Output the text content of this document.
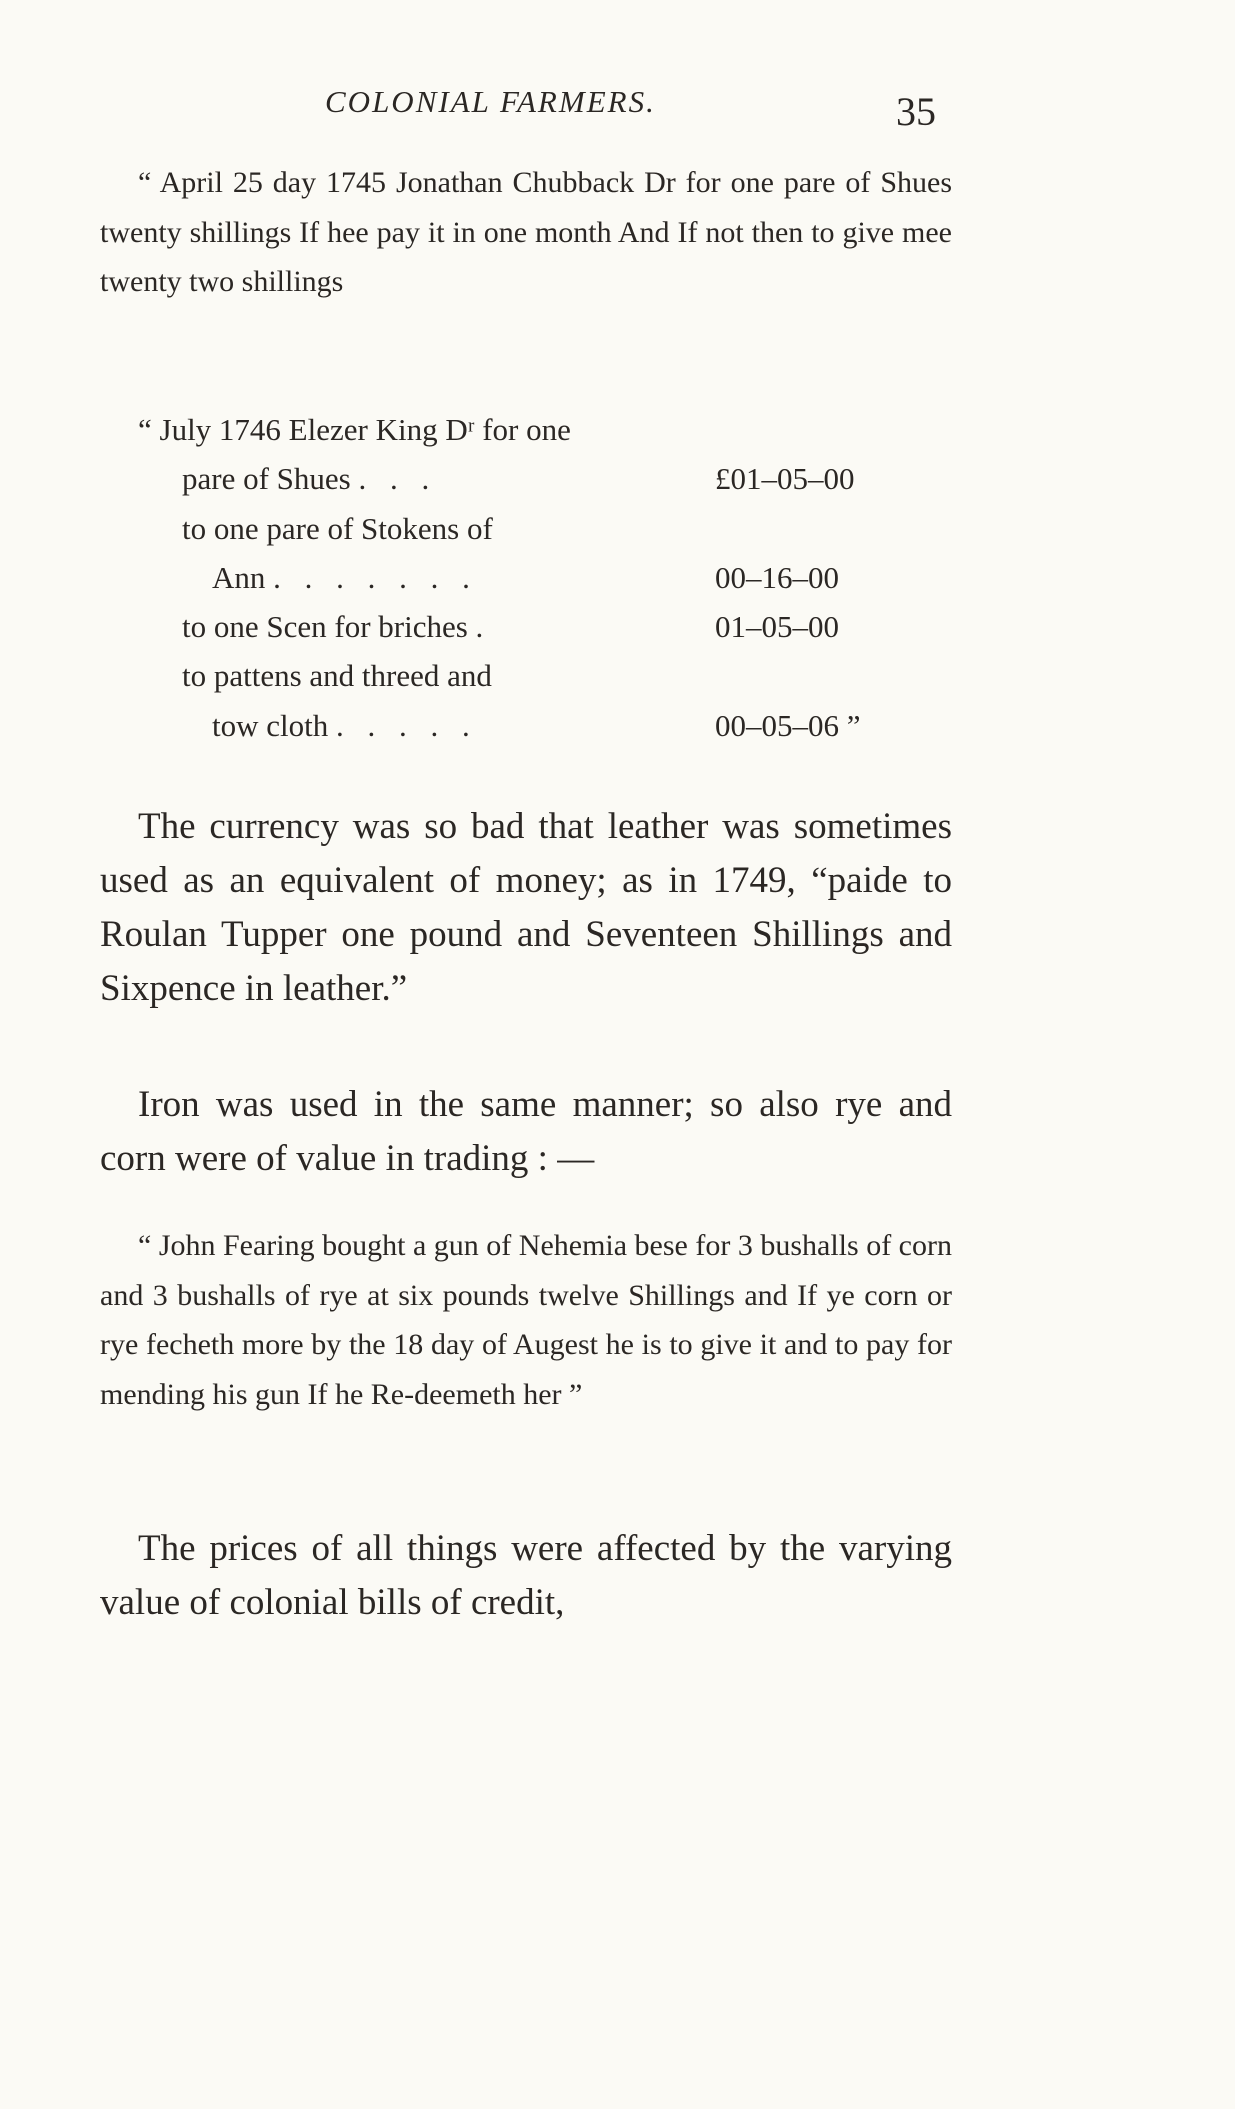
COLONIAL FARMERS.	35

“ April 25 day 1745 Jonathan Chubback Dr for one pare of Shues twenty shillings If hee pay it in one month And If not then to give mee twenty two shillings

“ July 1746 Elezer King Dʳ for one

pare of Shues . . .	£01–05–00
to one pare of Stokens of
Ann . . . . . . .	00–16–00
to one Scen for briches .	01–05–00
to pattens and threed and
tow cloth . . . . .	00–05–06 ”

The currency was so bad that leather was sometimes used as an equivalent of money; as in 1749, “paide to Roulan Tupper one pound and Seventeen Shillings and Sixpence in leather.”

Iron was used in the same manner; so also rye and corn were of value in trading : —

“ John Fearing bought a gun of Nehemia bese for 3 bushalls of corn and 3 bushalls of rye at six pounds twelve Shillings and If ye corn or rye fecheth more by the 18 day of Augest he is to give it and to pay for mending his gun If he Re-deemeth her ”

The prices of all things were affected by the varying value of colonial bills of credit,
